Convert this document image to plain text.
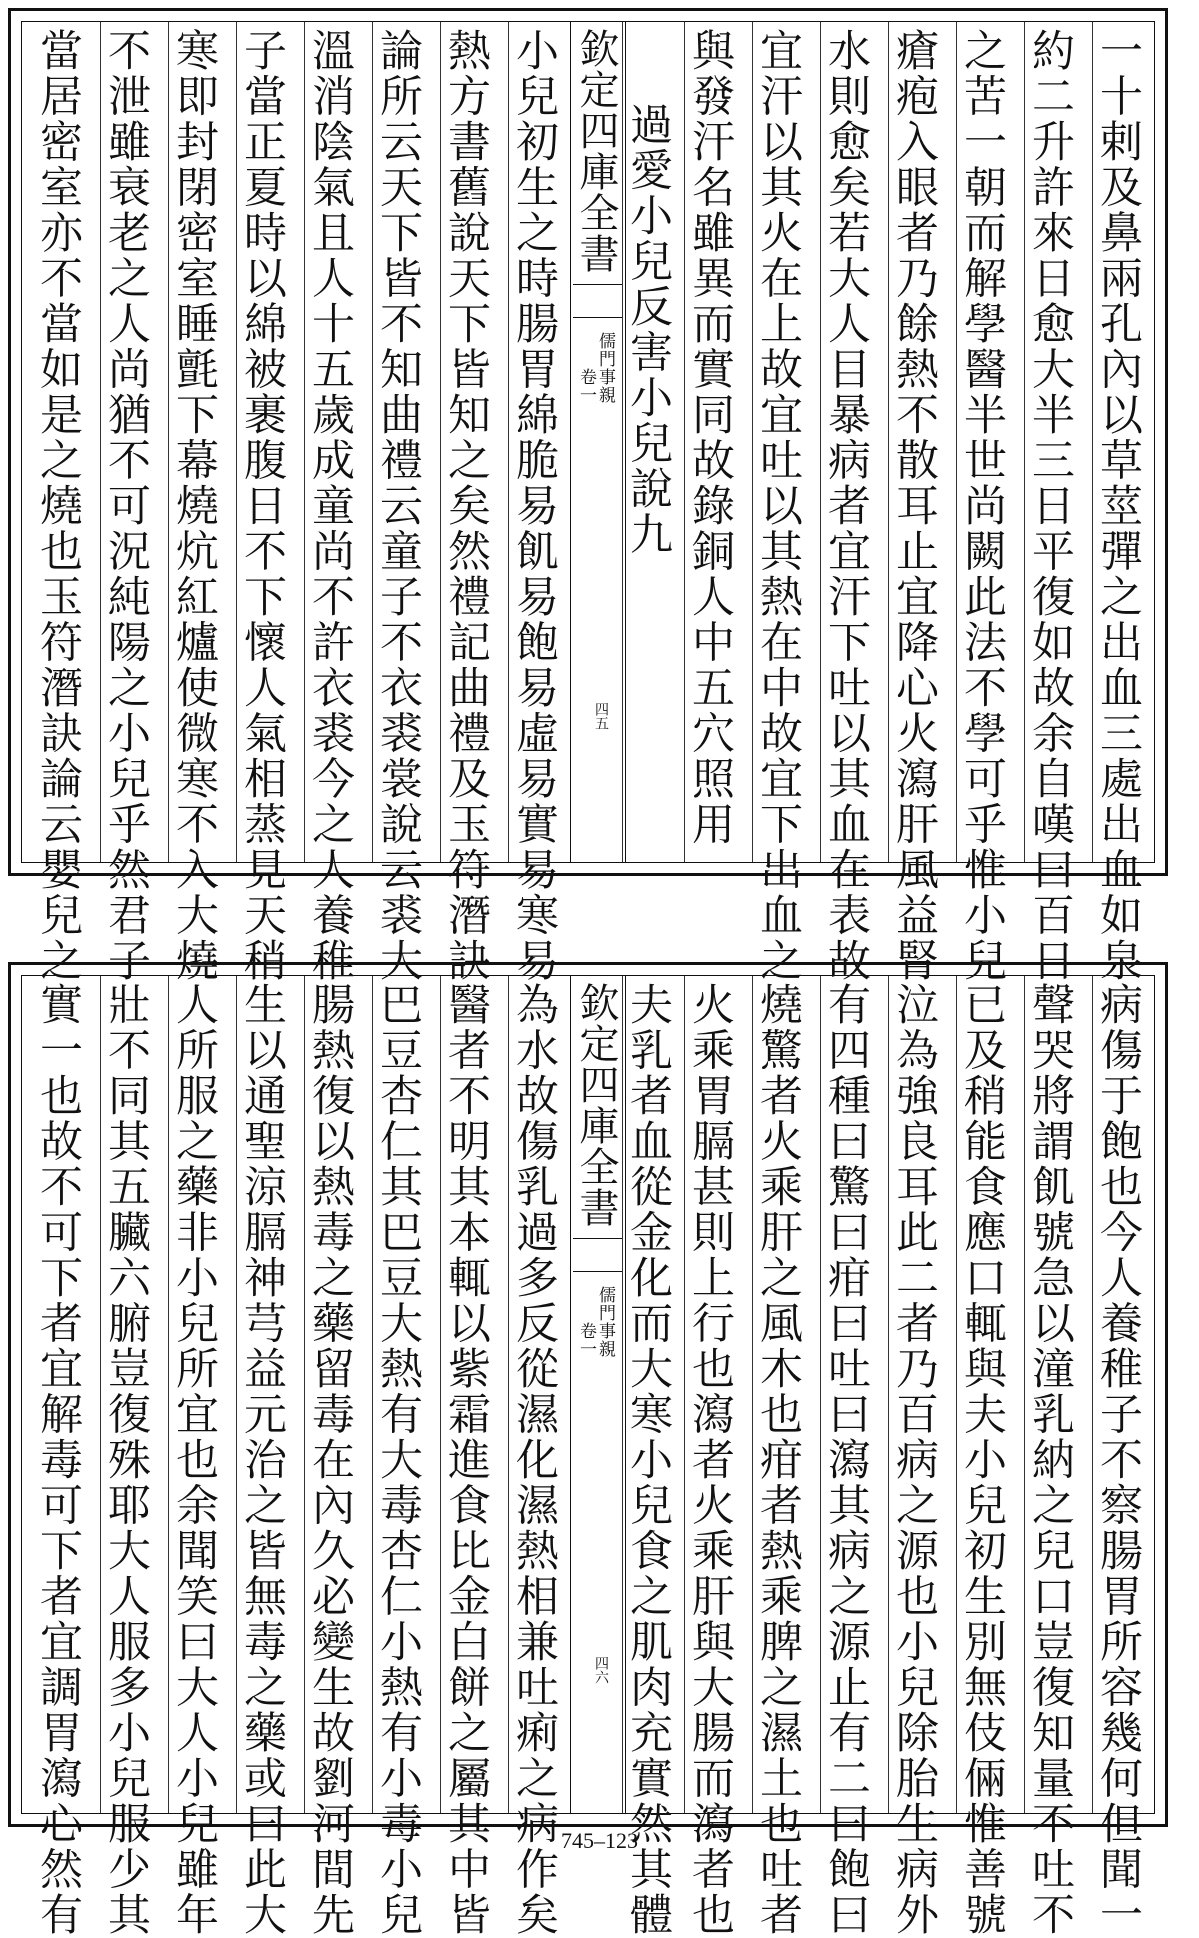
一十剌及鼻兩孔內以草莖彈之出血三處出血如泉
約二升許來日愈大半三日平復如故余自嘆曰百日
之苦一朝而解學醫半世尚闕此法不學可乎惟小兒
瘡疱入眼者乃餘熱不散耳止宜降心火瀉肝風益腎
水則愈矣若大人目暴病者宜汗下吐以其血在表故
宜汗以其火在上故宜吐以其熱在中故宜下出血之
與發汗名雖異而實同故錄銅人中五穴照用
過愛小兒反害小兒說九
欽定四庫全書
儒門事親
卷一
四五
小兒初生之時腸胃綿脆易飢易飽易虛易實易寒易
熱方書舊說天下皆知之矣然禮記曲禮及玉符潛訣
論所云天下皆不知曲禮云童子不衣裘裳說云裘大
溫消陰氣且人十五歲成童尚不許衣裘今之人養稚
子當正夏時以綿被裹腹日不下懷人氣相蒸見天稍
寒即封閉密室睡氈下幕燒炕紅爐使微寒不入大燒
不泄雖衰老之人尚猶不可況純陽之小兒乎然君子
當居密室亦不當如是之燒也玉符潛訣論云嬰兒之
病傷于飽也今人養稚子不察腸胃所容幾何但聞一
聲哭將謂飢號急以潼乳納之兒口豈復知量不吐不
已及稍能食應口輒與夫小兒初生別無伎倆惟善號
泣為強良耳此二者乃百病之源也小兒除胎生病外
有四種曰驚曰疳曰吐曰瀉其病之源止有二曰飽曰
燒驚者火乘肝之風木也疳者熱乘脾之濕土也吐者
火乘胃膈甚則上行也瀉者火乘肝與大腸而瀉者也
夫乳者血從金化而大寒小兒食之肌肉充實然其體
欽定四庫全書
儒門事親
卷一
四六
為水故傷乳過多反從濕化濕熱相兼吐痢之病作矣
醫者不明其本輒以紫霜進食比金白餅之屬其中皆
巴豆杏仁其巴豆大熱有大毒杏仁小熱有小毒小兒
腸熱復以熱毒之藥留毒在內久必變生故劉河間先
生以通聖涼膈神芎益元治之皆無毒之藥或曰此大
人所服之藥非小兒所宜也余聞笑曰大人小兒雖年
壯不同其五臟六腑豈復殊耶大人服多小兒服少其
實一也故不可下者宜解毒可下者宜調胃瀉心然有	745–123
